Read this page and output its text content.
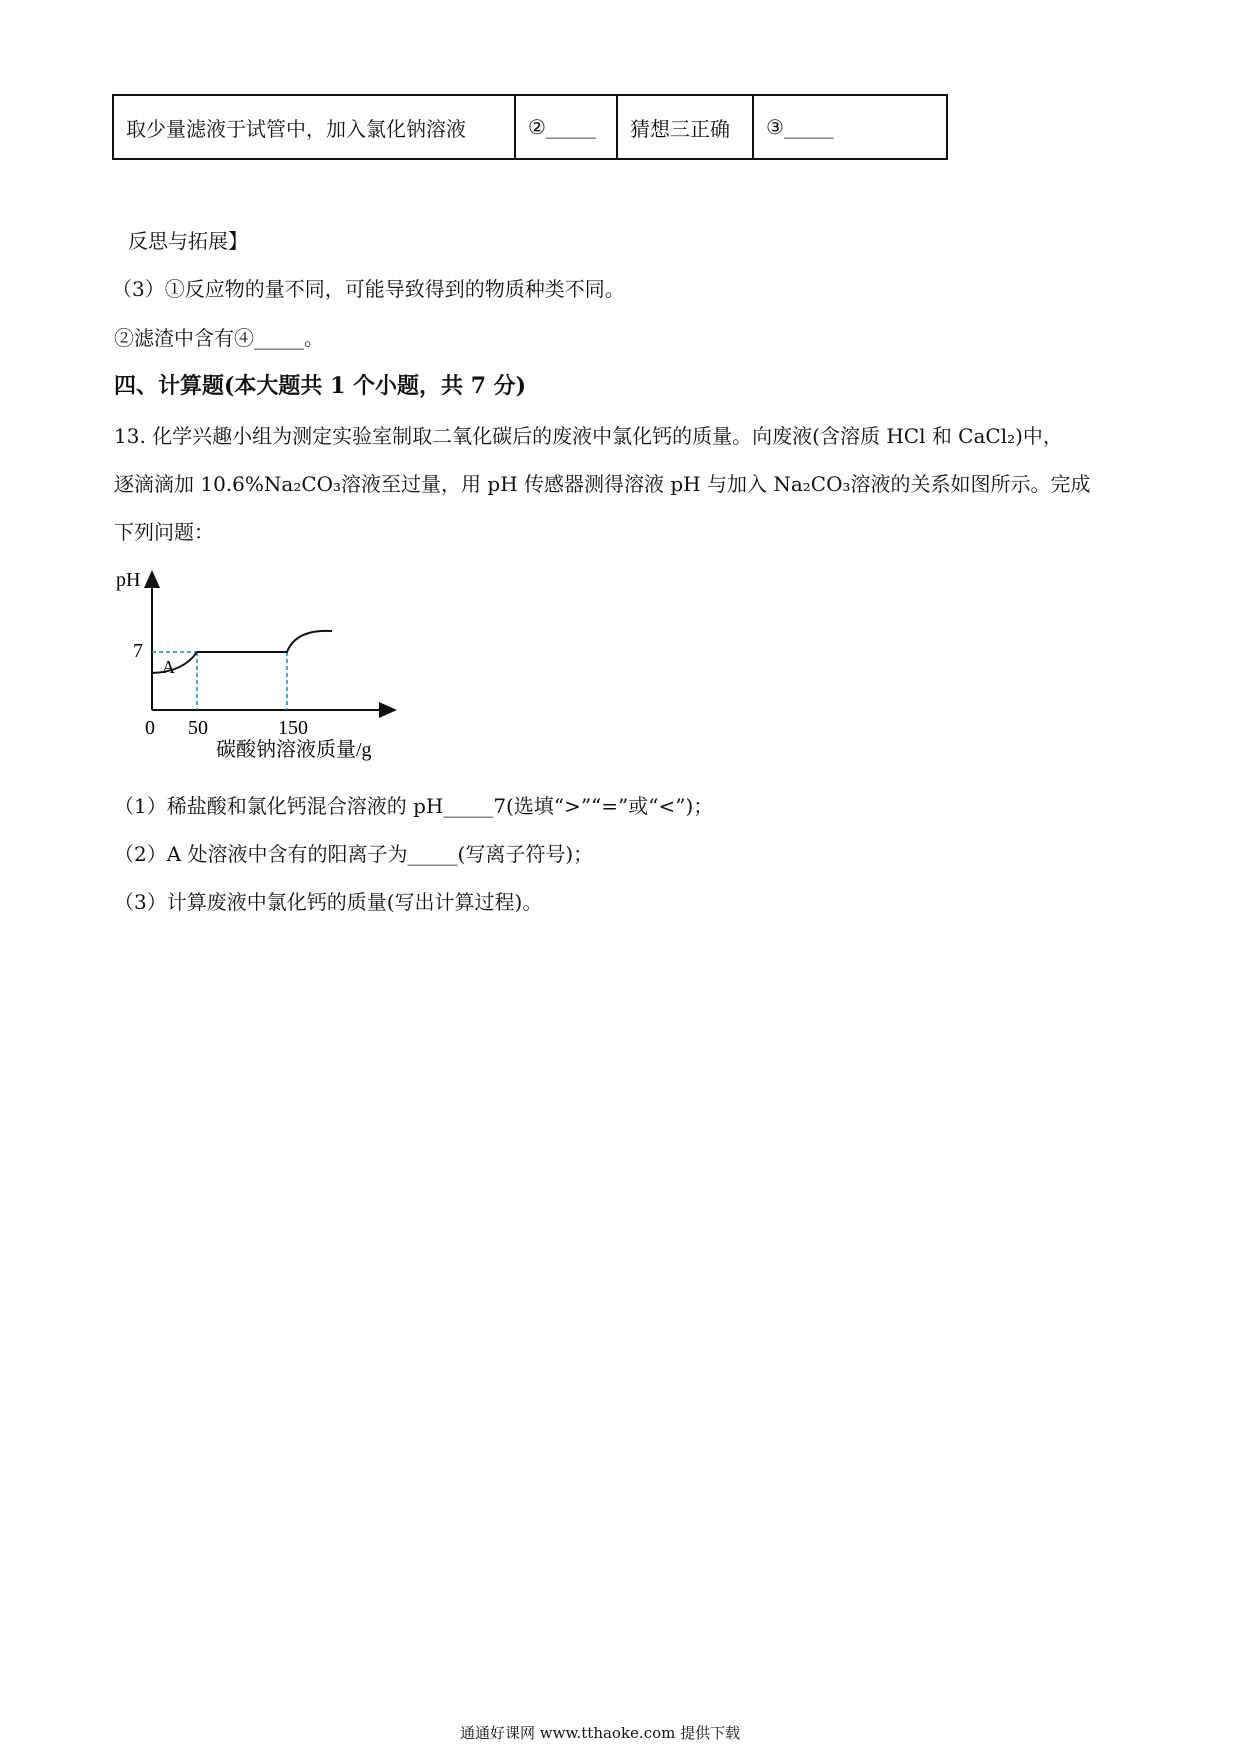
取少量滤液于试管中，加入氯化钠溶液	②_____	猜想三正确	③_____
反思与拓展】
（3）①反应物的量不同，可能导致得到的物质种类不同。
②滤渣中含有④_____。
四、计算题(本大题共 1 个小题，共 7 分)
13. 化学兴趣小组为测定实验室制取二氧化碳后的废液中氯化钙的质量。向废液(含溶质 HCl 和 CaCl₂)中，
逐滴滴加 10.6%Na₂CO₃溶液至过量，用 pH 传感器测得溶液 pH 与加入 Na₂CO₃溶液的关系如图所示。完成
下列问题：
pH
碳酸钠溶液质量/g
0 50	150
7
A
（1）稀盐酸和氯化钙混合溶液的 pH_____7(选填“>”“=”或“<”)；
（2）A 处溶液中含有的阳离子为_____(写离子符号)；
（3）计算废液中氯化钙的质量(写出计算过程)。
通通好课网 www.tthaoke.com 提供下载
